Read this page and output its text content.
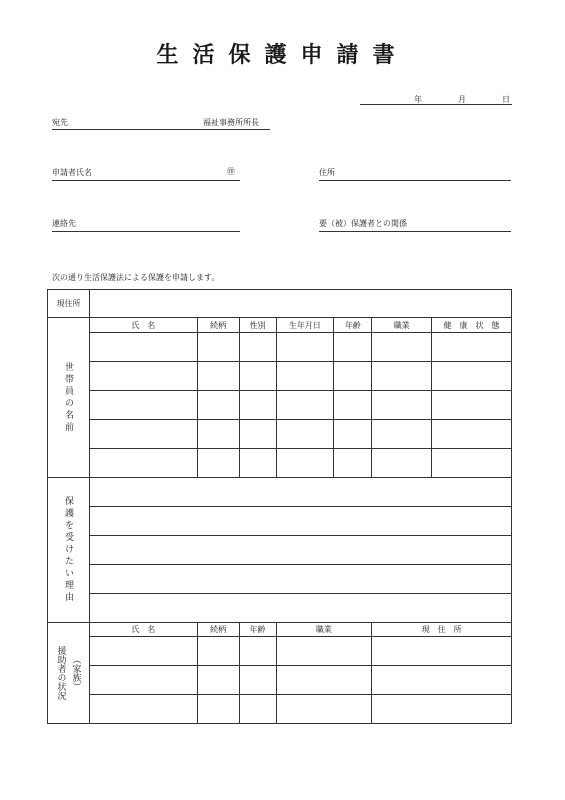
生活保護申請書
年	月	日
宛先	福祉事務所所長
申請者氏名	㊞	住所
連絡先	要（被）保護者との関係
次の通り生活保護法による保護を申請します。
現住所							

世帯員の名前	氏　名	続柄	性別	生年月日	年齢	職業	健　康　状　態

保護を受けたい理由							

援助者の状況 （家族）	氏　名	続柄	年齢	職業		現　住　所	
